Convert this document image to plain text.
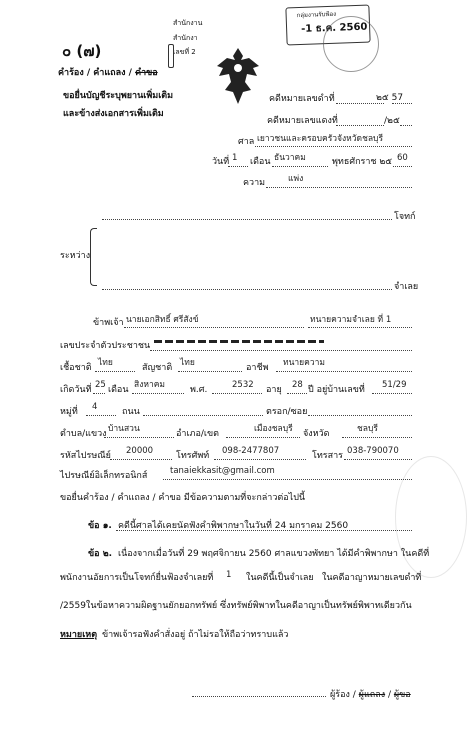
กลุ่มงานรับฟ้อง
-1 ธ.ค. 2560
๐ (๗)
สำนักงาน
สำนักงา
เลขที่ 2
คำร้อง / คำแถลง / คำขอ
ขอยื่นบัญชีระบุพยานเพิ่มเติม
และข้างส่งเอกสารเพิ่มเติม
คดีหมายเลขดำที่	๒๕ 57
คดีหมายเลขแดงที่	/๒๕
ศาล เยาวชนและครอบครัวจังหวัดชลบุรี
วันที่ 1 เดือน ธันวาคม	พุทธศักราช ๒๕ 60
ความ	แพ่ง
โจทก์
ระหว่าง
จำเลย
ข้าพเจ้า นายเอกสิทธิ์ ศรีสังข์	ทนายความจำเลย ที่ 1
เลขประจำตัวประชาชน
เชื้อชาติ ไทย	สัญชาติ ไทย	อาชีพ ทนายความ
เกิดวันที่ 25 เดือน สิงหาคม	พ.ศ.	2532 อายุ 28 ปี อยู่บ้านเลขที่ 51/29
หมู่ที่ 4	ถนน	ตรอก/ซอย
ตำบล/แขวง บ้านสวน	อำเภอ/เขต	เมืองชลบุรี จังหวัด	ชลบุรี
รหัสไปรษณีย์ 20000	โทรศัพท์ 098-2477807	โทรสาร 038-790070
ไปรษณีย์อิเล็กทรอนิกส์	tanaiekkasit@gmail.com
ขอยื่นคำร้อง / คำแถลง / คำขอ มีข้อความตามที่จะกล่าวต่อไปนี้
ข้อ ๑. คดีนี้ศาลได้เคยนัดฟังคำพิพากษาในวันที่ 24 มกราคม 2560
ข้อ ๒. เนื่องจากเมื่อวันที่ 29 พฤศจิกายน 2560 ศาลแขวงพัทยา ได้มีคำพิพากษา ในคดีที่
พนักงานอัยการเป็นโจทก์ยื่นฟ้องจำเลยที่ 1 ในคดีนี้เป็นจำเลย ในคดีอาญาหมายเลขดำที่
/2559ในข้อหาความผิดฐานยักยอกทรัพย์ ซึ่งทรัพย์พิพาทในคดีอาญาเป็นทรัพย์พิพาทเดียวกัน
หมายเหตุ ข้าพเจ้ารอฟังคำสั่งอยู่ ถ้าไม่รอให้ถือว่าทราบแล้ว
ผู้ร้อง / ผู้แถลง / ผู้ขอ
